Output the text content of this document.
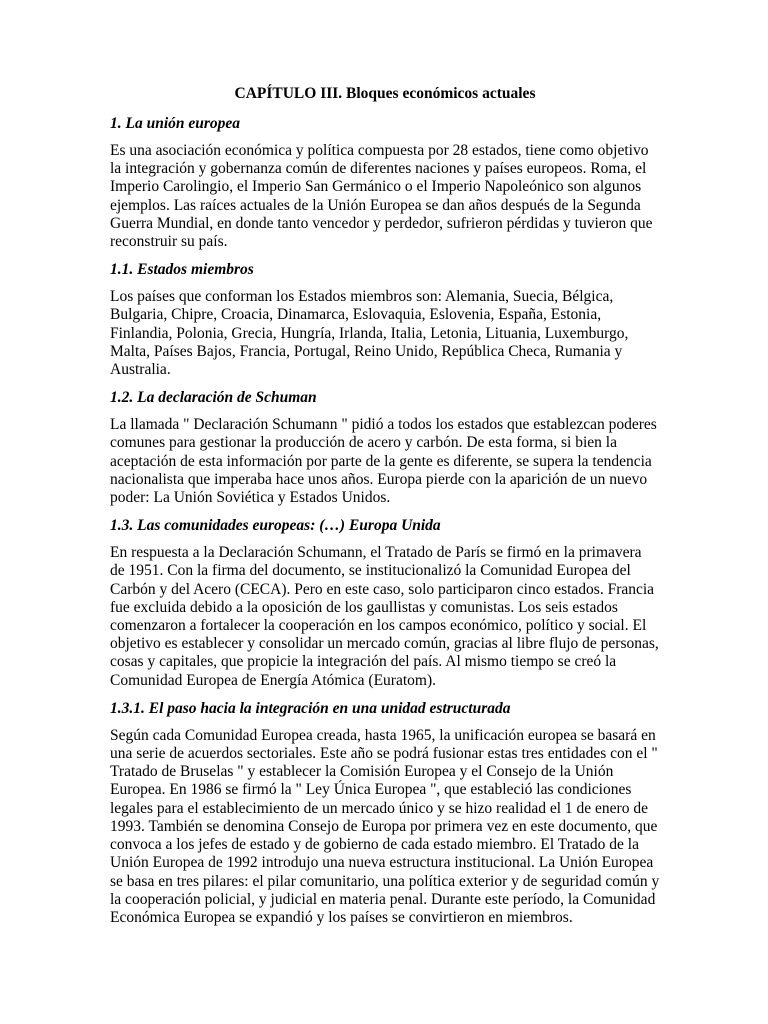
CAPÍTULO III. Bloques económicos actuales
1. La unión europea
Es una asociación económica y política compuesta por 28 estados, tiene como objetivo la integración y gobernanza común de diferentes naciones y países europeos. Roma, el Imperio Carolingio, el Imperio San Germánico o el Imperio Napoleónico son algunos ejemplos. Las raíces actuales de la Unión Europea se dan años después de la Segunda Guerra Mundial, en donde tanto vencedor y perdedor, sufrieron pérdidas y tuvieron que reconstruir su país.
1.1. Estados miembros
Los países que conforman los Estados miembros son: Alemania, Suecia, Bélgica, Bulgaria, Chipre, Croacia, Dinamarca, Eslovaquia, Eslovenia, España, Estonia, Finlandia, Polonia, Grecia, Hungría, Irlanda, Italia, Letonia, Lituania, Luxemburgo, Malta, Países Bajos, Francia, Portugal, Reino Unido, República Checa, Rumania y Australia.
1.2. La declaración de Schuman
La llamada " Declaración Schumann " pidió a todos los estados que establezcan poderes comunes para gestionar la producción de acero y carbón. De esta forma, si bien la aceptación de esta información por parte de la gente es diferente, se supera la tendencia nacionalista que imperaba hace unos años. Europa pierde con la aparición de un nuevo poder: La Unión Soviética y Estados Unidos.
1.3. Las comunidades europeas: (…) Europa Unida
En respuesta a la Declaración Schumann, el Tratado de París se firmó en la primavera de 1951. Con la firma del documento, se institucionalizó la Comunidad Europea del Carbón y del Acero (CECA). Pero en este caso, solo participaron cinco estados. Francia fue excluida debido a la oposición de los gaullistas y comunistas. Los seis estados comenzaron a fortalecer la cooperación en los campos económico, político y social. El objetivo es establecer y consolidar un mercado común, gracias al libre flujo de personas, cosas y capitales, que propicie la integración del país. Al mismo tiempo se creó la Comunidad Europea de Energía Atómica (Euratom).
1.3.1. El paso hacia la integración en una unidad estructurada
Según cada Comunidad Europea creada, hasta 1965, la unificación europea se basará en una serie de acuerdos sectoriales. Este año se podrá fusionar estas tres entidades con el " Tratado de Bruselas " y establecer la Comisión Europea y el Consejo de la Unión Europea. En 1986 se firmó la " Ley Única Europea ", que estableció las condiciones legales para el establecimiento de un mercado único y se hizo realidad el 1 de enero de 1993. También se denomina Consejo de Europa por primera vez en este documento, que convoca a los jefes de estado y de gobierno de cada estado miembro. El Tratado de la Unión Europea de 1992 introdujo una nueva estructura institucional. La Unión Europea se basa en tres pilares: el pilar comunitario, una política exterior y de seguridad común y la cooperación policial, y judicial en materia penal. Durante este período, la Comunidad Económica Europea se expandió y los países se convirtieron en miembros.
